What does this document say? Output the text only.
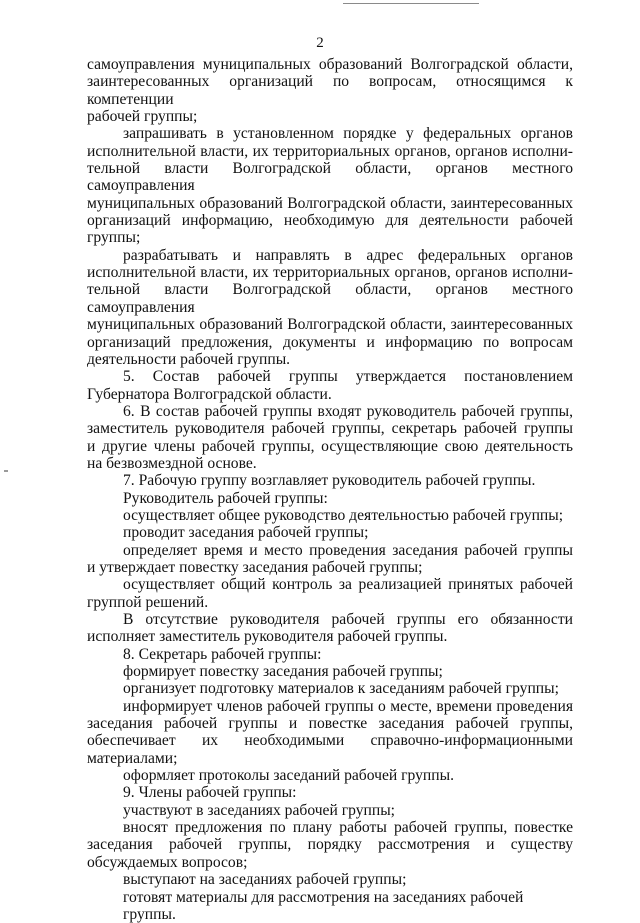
2
самоуправления муниципальных образований Волгоградской области,
заинтересованных организаций по вопросам, относящимся к компетенции
рабочей группы;
запрашивать в установленном порядке у федеральных органов
исполнительной власти, их территориальных органов, органов исполни-
тельной власти Волгоградской области, органов местного самоуправления
муниципальных образований Волгоградской области, заинтересованных
организаций информацию, необходимую для деятельности рабочей
группы;
разрабатывать и направлять в адрес федеральных органов
исполнительной власти, их территориальных органов, органов исполни-
тельной власти Волгоградской области, органов местного самоуправления
муниципальных образований Волгоградской области, заинтересованных
организаций предложения, документы и информацию по вопросам
деятельности рабочей группы.
5. Состав рабочей группы утверждается постановлением
Губернатора Волгоградской области.
6. В состав рабочей группы входят руководитель рабочей группы,
заместитель руководителя рабочей группы, секретарь рабочей группы
и другие члены рабочей группы, осуществляющие свою деятельность
на безвозмездной основе.
7. Рабочую группу возглавляет руководитель рабочей группы.
Руководитель рабочей группы:
осуществляет общее руководство деятельностью рабочей группы;
проводит заседания рабочей группы;
определяет время и место проведения заседания рабочей группы
и утверждает повестку заседания рабочей группы;
осуществляет общий контроль за реализацией принятых рабочей
группой решений.
В отсутствие руководителя рабочей группы его обязанности
исполняет заместитель руководителя рабочей группы.
8. Секретарь рабочей группы:
формирует повестку заседания рабочей группы;
организует подготовку материалов к заседаниям рабочей группы;
информирует членов рабочей группы о месте, времени проведения
заседания рабочей группы и повестке заседания рабочей группы,
обеспечивает их необходимыми справочно-информационными материалами;
оформляет протоколы заседаний рабочей группы.
9. Члены рабочей группы:
участвуют в заседаниях рабочей группы;
вносят предложения по плану работы рабочей группы, повестке
заседания рабочей группы, порядку рассмотрения и существу
обсуждаемых вопросов;
выступают на заседаниях рабочей группы;
готовят материалы для рассмотрения на заседаниях рабочей группы.
